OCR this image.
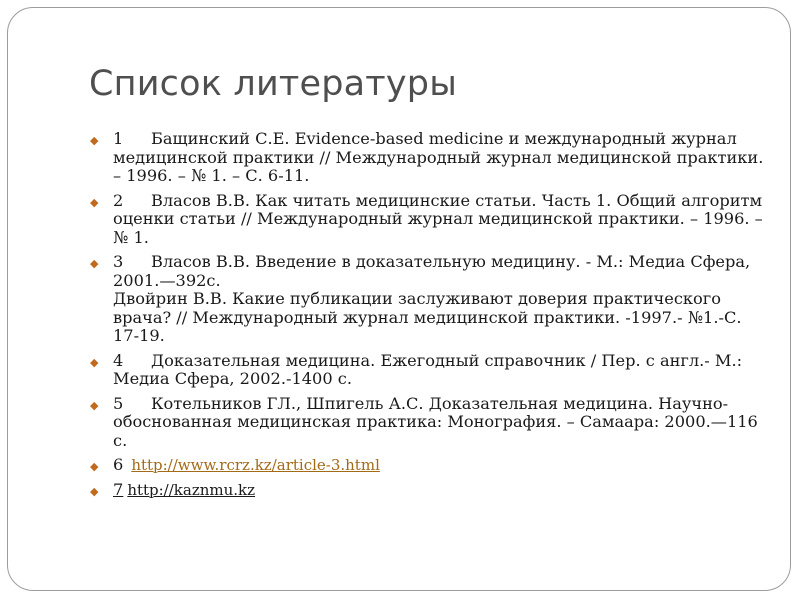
Список литературы
◆ 1 Бащинский С.Е. Evidence-based medicine и международный журнал медицинской практики // Международный журнал медицинской практики. – 1996. – № 1. – С. 6-11.
◆ 2 Власов В.В. Как читать медицинские статьи. Часть 1. Общий алгоритм оценки статьи // Международный журнал медицинской практики. – 1996. – № 1.
◆ 3 Власов В.В. Введение в доказательную медицину. - М.: Медиа Сфера, 2001.—392с.
Двойрин В.В. Какие публикации заслуживают доверия практического врача? // Международный журнал медицинской практики. -1997.- №1.-С. 17-19.
◆ 4 Доказательная медицина. Ежегодный справочник / Пер. с англ.- М.: Медиа Сфера, 2002.-1400 с.
◆ 5 Котельников ГЛ., Шпигель А.С. Доказательная медицина. Научно-обоснованная медицинская практика: Монография. – Самаара: 2000.—116 с.
◆ 6 http://www.rcrz.kz/article-3.html
◆ 7 http://kaznmu.kz
